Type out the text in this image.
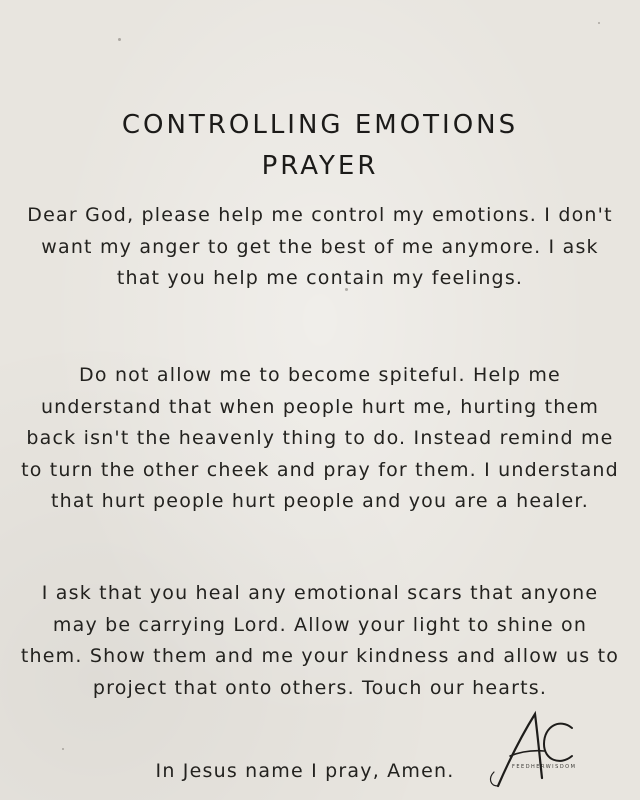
CONTROLLING EMOTIONS
PRAYER
Dear God, please help me control my emotions. I don't want my anger to get the best of me anymore. I ask that you help me contain my feelings.
Do not allow me to become spiteful. Help me understand that when people hurt me, hurting them back isn't the heavenly thing to do. Instead remind me to turn the other cheek and pray for them. I understand that hurt people hurt people and you are a healer.
I ask that you heal any emotional scars that anyone may be carrying Lord. Allow your light to shine on them. Show them and me your kindness and allow us to project that onto others. Touch our hearts.
In Jesus name I pray, Amen.	FEEDHERWISDOM
